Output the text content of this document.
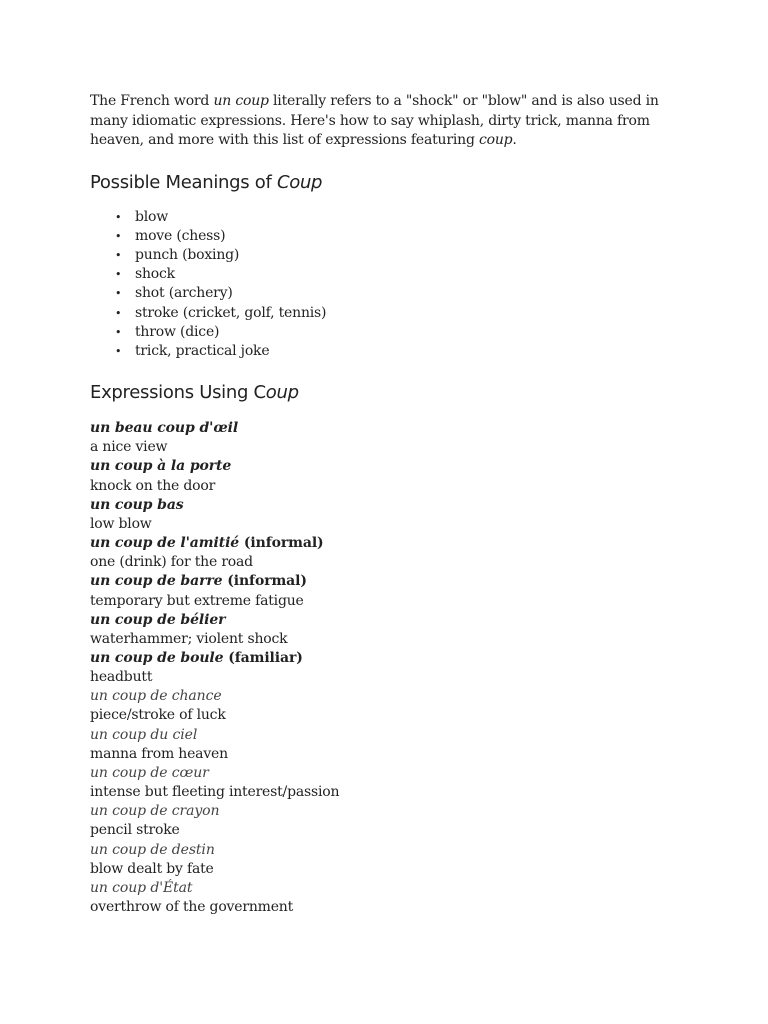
The French word un coup literally refers to a "shock" or "blow" and is also used in many idiomatic expressions. Here's how to say whiplash, dirty trick, manna from heaven, and more with this list of expressions featuring coup.

Possible Meanings of Coup
• blow
• move (chess)
• punch (boxing)
• shock
• shot (archery)
• stroke (cricket, golf, tennis)
• throw (dice)
• trick, practical joke
Expressions Using Coup
un beau coup d'œil
a nice view
un coup à la porte
knock on the door
un coup bas
low blow
un coup de l'amitié (informal)
one (drink) for the road
un coup de barre (informal)
temporary but extreme fatigue
un coup de bélier
waterhammer; violent shock
un coup de boule (familiar)
headbutt
un coup de chance
piece/stroke of luck
un coup du ciel
manna from heaven
un coup de cœur
intense but fleeting interest/passion
un coup de crayon
pencil stroke
un coup de destin
blow dealt by fate
un coup d'État
overthrow of the government
